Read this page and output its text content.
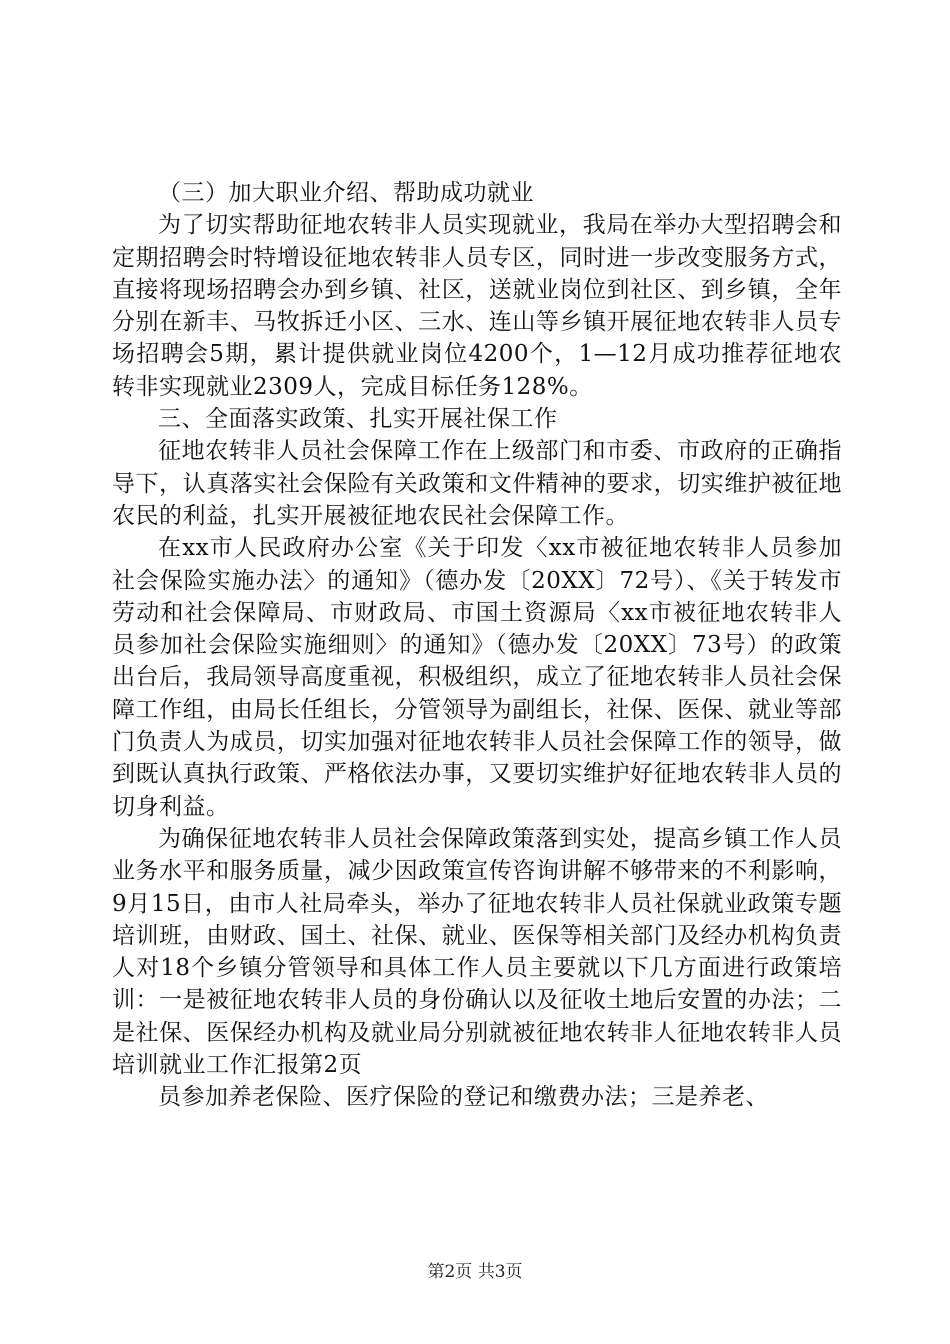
（三）加大职业介绍、帮助成功就业

为了切实帮助征地农转非人员实现就业，我局在举办大型招聘会和定期招聘会时特增设征地农转非人员专区，同时进一步改变服务方式，直接将现场招聘会办到乡镇、社区，送就业岗位到社区、到乡镇，全年分别在新丰、马牧拆迁小区、三水、连山等乡镇开展征地农转非人员专场招聘会5期，累计提供就业岗位4200个，1—12月成功推荐征地农转非实现就业2309人，完成目标任务128%。

三、全面落实政策、扎实开展社保工作

征地农转非人员社会保障工作在上级部门和市委、市政府的正确指导下，认真落实社会保险有关政策和文件精神的要求，切实维护被征地农民的利益，扎实开展被征地农民社会保障工作。

在xx市人民政府办公室《关于印发〈xx市被征地农转非人员参加社会保险实施办法〉的通知》（德办发〔20XX〕72号）、《关于转发市劳动和社会保障局、市财政局、市国土资源局〈xx市被征地农转非人员参加社会保险实施细则〉的通知》（德办发〔20XX〕73号）的政策出台后，我局领导高度重视，积极组织，成立了征地农转非人员社会保障工作组，由局长任组长，分管领导为副组长，社保、医保、就业等部门负责人为成员，切实加强对征地农转非人员社会保障工作的领导，做到既认真执行政策、严格依法办事，又要切实维护好征地农转非人员的切身利益。

为确保征地农转非人员社会保障政策落到实处，提高乡镇工作人员业务水平和服务质量，减少因政策宣传咨询讲解不够带来的不利影响，9月15日，由市人社局牵头，举办了征地农转非人员社保就业政策专题培训班，由财政、国土、社保、就业、医保等相关部门及经办机构负责人对18个乡镇分管领导和具体工作人员主要就以下几方面进行政策培训：一是被征地农转非人员的身份确认以及征收土地后安置的办法；二是社保、医保经办机构及就业局分别就被征地农转非人征地农转非人员培训就业工作汇报第2页

员参加养老保险、医疗保险的登记和缴费办法；三是养老、

第2页 共3页
